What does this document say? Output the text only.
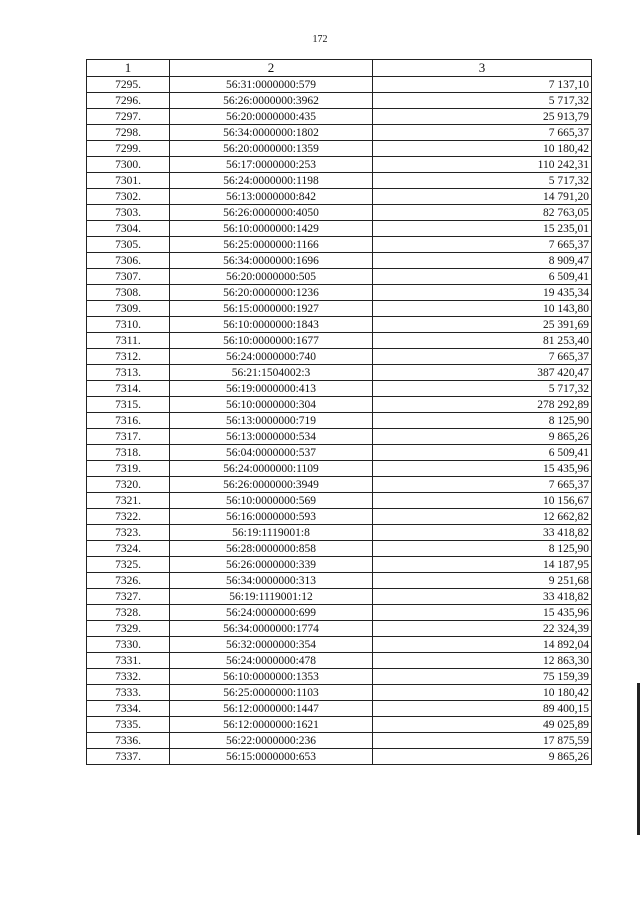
172
1	2	3
7295.	56:31:0000000:579	7 137,10
7296.	56:26:0000000:3962	5 717,32
7297.	56:20:0000000:435	25 913,79
7298.	56:34:0000000:1802	7 665,37
7299.	56:20:0000000:1359	10 180,42
7300.	56:17:0000000:253	110 242,31
7301.	56:24:0000000:1198	5 717,32
7302.	56:13:0000000:842	14 791,20
7303.	56:26:0000000:4050	82 763,05
7304.	56:10:0000000:1429	15 235,01
7305.	56:25:0000000:1166	7 665,37
7306.	56:34:0000000:1696	8 909,47
7307.	56:20:0000000:505	6 509,41
7308.	56:20:0000000:1236	19 435,34
7309.	56:15:0000000:1927	10 143,80
7310.	56:10:0000000:1843	25 391,69
7311.	56:10:0000000:1677	81 253,40
7312.	56:24:0000000:740	7 665,37
7313.	56:21:1504002:3	387 420,47
7314.	56:19:0000000:413	5 717,32
7315.	56:10:0000000:304	278 292,89
7316.	56:13:0000000:719	8 125,90
7317.	56:13:0000000:534	9 865,26
7318.	56:04:0000000:537	6 509,41
7319.	56:24:0000000:1109	15 435,96
7320.	56:26:0000000:3949	7 665,37
7321.	56:10:0000000:569	10 156,67
7322.	56:16:0000000:593	12 662,82
7323.	56:19:1119001:8	33 418,82
7324.	56:28:0000000:858	8 125,90
7325.	56:26:0000000:339	14 187,95
7326.	56:34:0000000:313	9 251,68
7327.	56:19:1119001:12	33 418,82
7328.	56:24:0000000:699	15 435,96
7329.	56:34:0000000:1774	22 324,39
7330.	56:32:0000000:354	14 892,04
7331.	56:24:0000000:478	12 863,30
7332.	56:10:0000000:1353	75 159,39
7333.	56:25:0000000:1103	10 180,42
7334.	56:12:0000000:1447	89 400,15
7335.	56:12:0000000:1621	49 025,89
7336.	56:22:0000000:236	17 875,59
7337.	56:15:0000000:653	9 865,26
